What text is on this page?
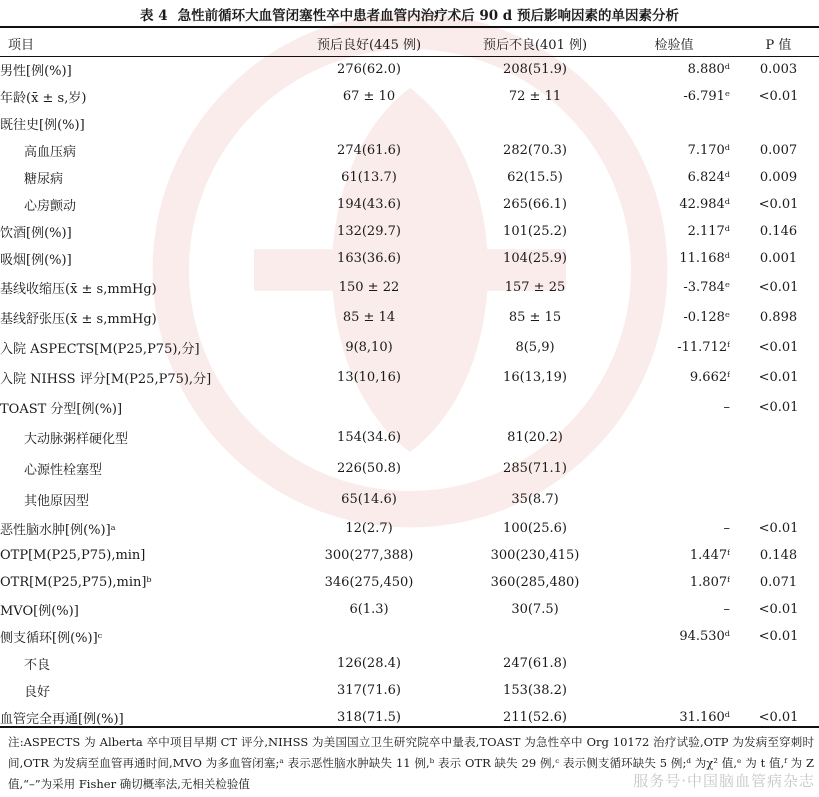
表 4 急性前循环大血管闭塞性卒中患者血管内治疗术后 90 d 预后影响因素的单因素分析
项目	预后良好(445 例)	预后不良(401 例)	检验值	P 值
男性[例(%)]	276(62.0)	208(51.9)	8.880ᵈ	0.003
年龄(x̄ ± s,岁)	67 ± 10	72 ± 11	-6.791ᵉ	<0.01
既往史[例(%)]				
高血压病	274(61.6)	282(70.3)	7.170ᵈ	0.007
糖尿病	61(13.7)	62(15.5)	6.824ᵈ	0.009
心房颤动	194(43.6)	265(66.1)	42.984ᵈ	<0.01
饮酒[例(%)]	132(29.7)	101(25.2)	2.117ᵈ	0.146
吸烟[例(%)]	163(36.6)	104(25.9)	11.168ᵈ	0.001
基线收缩压(x̄ ± s,mmHg)	150 ± 22	157 ± 25	-3.784ᵉ	<0.01
基线舒张压(x̄ ± s,mmHg)	85 ± 14	85 ± 15	-0.128ᵉ	0.898
入院 ASPECTS[M(P25,P75),分]	9(8,10)	8(5,9)	-11.712ᶠ	<0.01
入院 NIHSS 评分[M(P25,P75),分]	13(10,16)	16(13,19)	9.662ᶠ	<0.01
TOAST 分型[例(%)]			–	<0.01
大动脉粥样硬化型	154(34.6)	81(20.2)		
心源性栓塞型	226(50.8)	285(71.1)		
其他原因型	65(14.6)	35(8.7)		
恶性脑水肿[例(%)]ᵃ	12(2.7)	100(25.6)	–	<0.01
OTP[M(P25,P75),min]	300(277,388)	300(230,415)	1.447ᶠ	0.148
OTR[M(P25,P75),min]ᵇ	346(275,450)	360(285,480)	1.807ᶠ	0.071
MVO[例(%)]	6(1.3)	30(7.5)	–	<0.01
侧支循环[例(%)]ᶜ			94.530ᵈ	<0.01
不良	126(28.4)	247(61.8)		
良好	317(71.6)	153(38.2)		
血管完全再通[例(%)]	318(71.5)	211(52.6)	31.160ᵈ	<0.01
注:ASPECTS 为 Alberta 卒中项目早期 CT 评分,NIHSS 为美国国立卫生研究院卒中量表,TOAST 为急性卒中 Org 10172 治疗试验,OTP 为发病至穿刺时间,OTR 为发病至血管再通时间,MVO 为多血管闭塞;ᵃ 表示恶性脑水肿缺失 11 例,ᵇ 表示 OTR 缺失 29 例,ᶜ 表示侧支循环缺失 5 例;ᵈ 为χ² 值,ᵉ 为 t 值,ᶠ 为 Z 值,“–”为采用 Fisher 确切概率法,无相关检验值	服务号·中国脑血管病杂志
